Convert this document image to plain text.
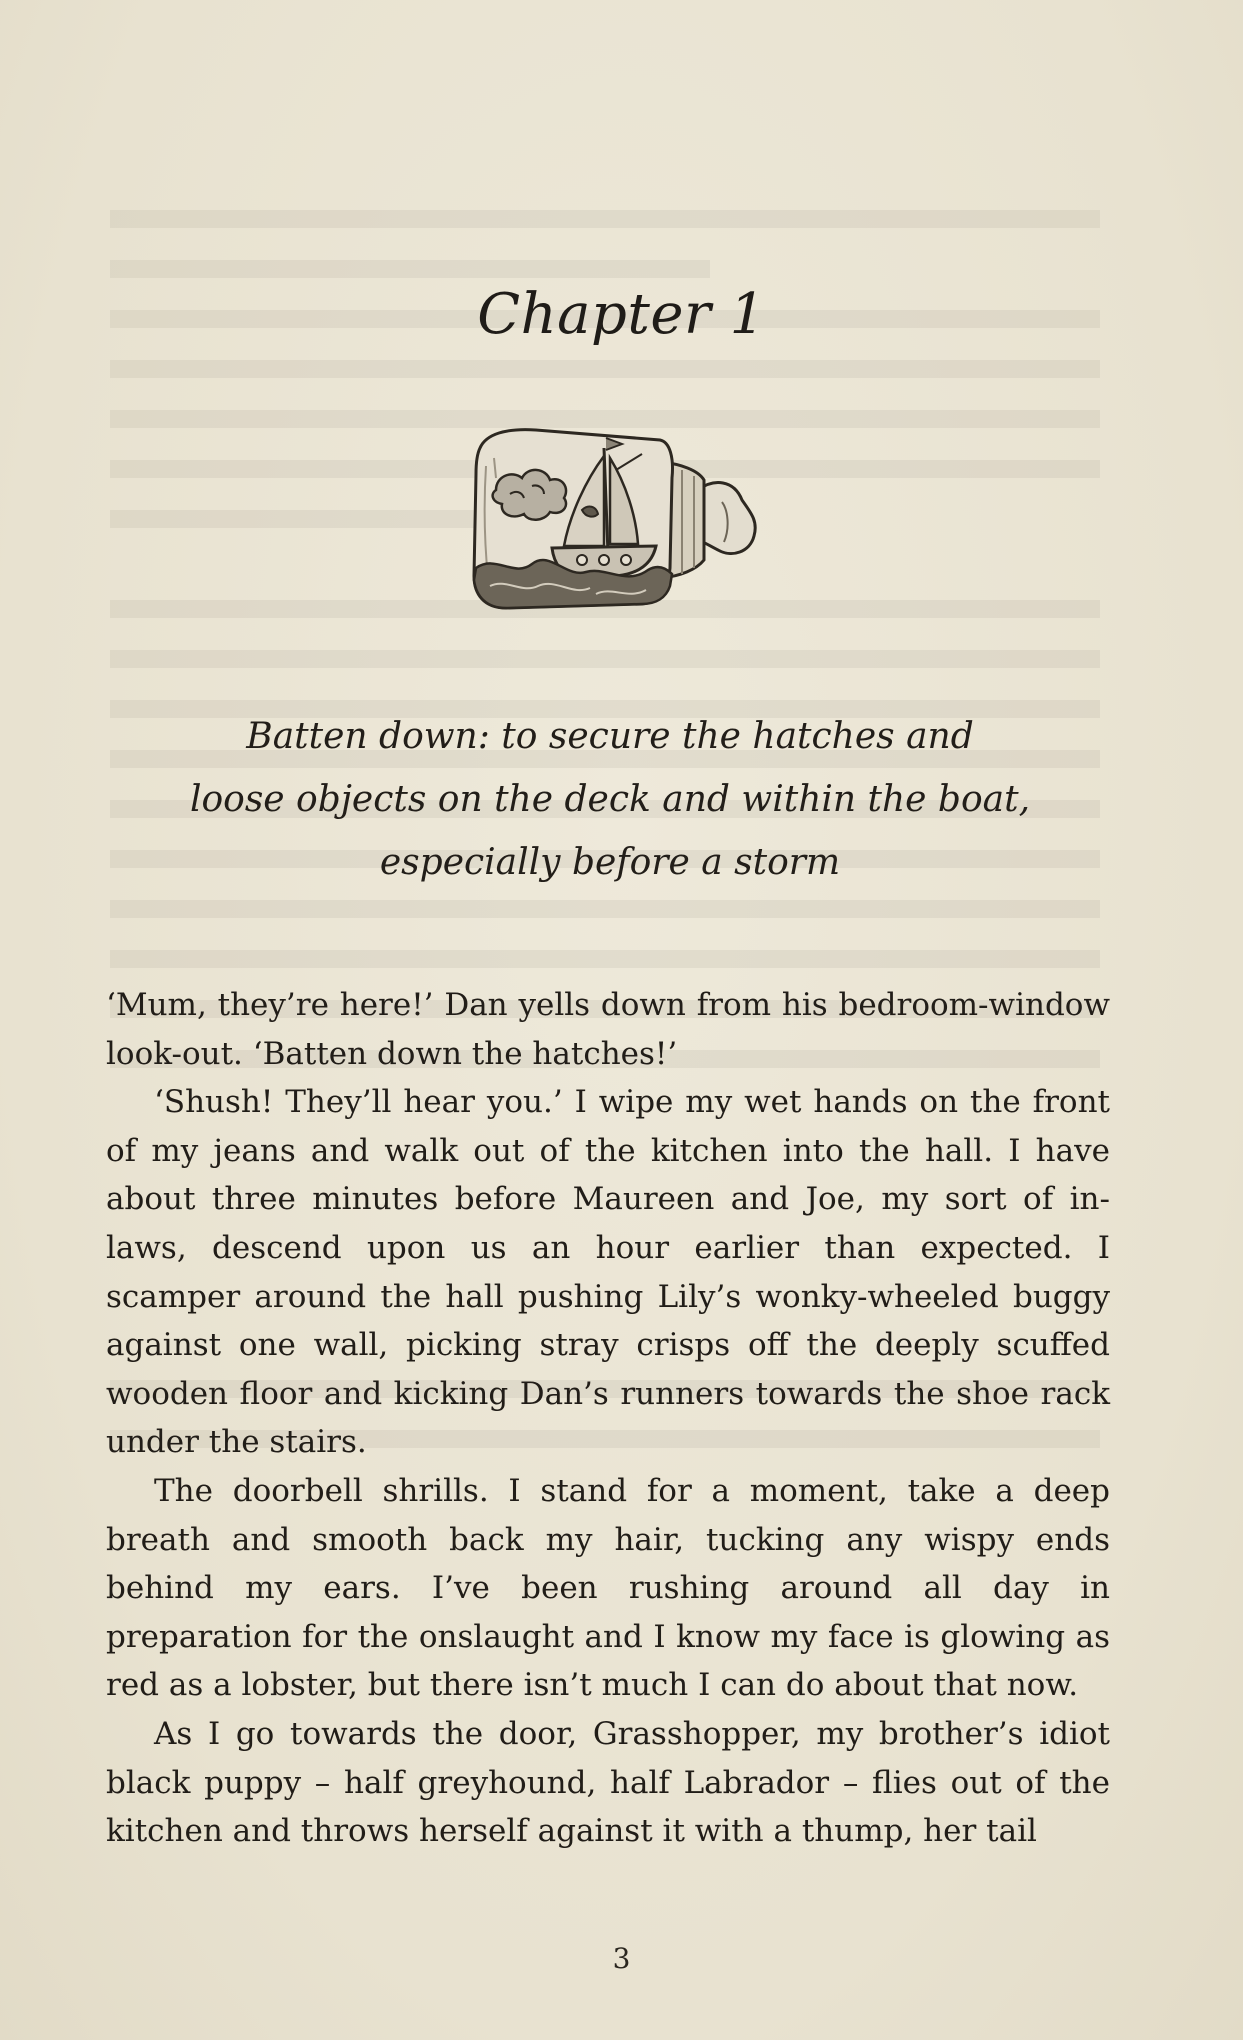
Chapter 1
Batten down: to secure the hatches and
loose objects on the deck and within the boat,
especially before a storm

‘Mum, they’re here!’ Dan yells down from his bedroom-window look-out. ‘Batten down the hatches!’

‘Shush! They’ll hear you.’ I wipe my wet hands on the front of my jeans and walk out of the kitchen into the hall. I have about three minutes before Maureen and Joe, my sort of in-laws, descend upon us an hour earlier than expected. I scamper around the hall pushing Lily’s wonky-wheeled buggy against one wall, picking stray crisps off the deeply scuffed wooden floor and kicking Dan’s runners towards the shoe rack under the stairs.

The doorbell shrills. I stand for a moment, take a deep breath and smooth back my hair, tucking any wispy ends behind my ears. I’ve been rushing around all day in preparation for the onslaught and I know my face is glowing as red as a lobster, but there isn’t much I can do about that now.

As I go towards the door, Grasshopper, my brother’s idiot black puppy – half greyhound, half Labrador – flies out of the kitchen and throws herself against it with a thump, her tail

3
